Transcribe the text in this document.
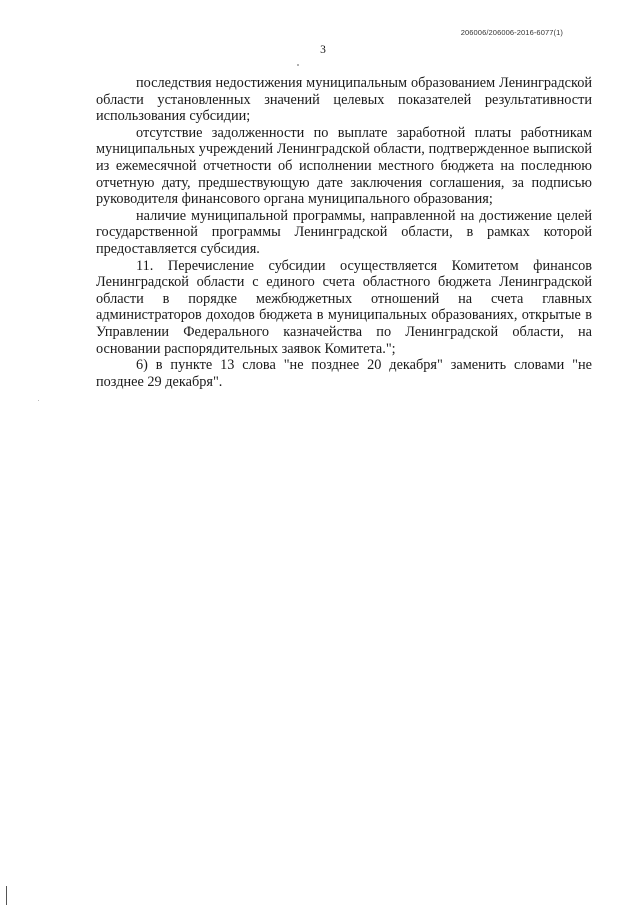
206006/206006-2016-6077(1)
3

последствия недостижения муниципальным образованием Ленинградской области установленных значений целевых показателей результативности использования субсидии;

отсутствие задолженности по выплате заработной платы работникам муниципальных учреждений Ленинградской области, подтвержденное выпиской из ежемесячной отчетности об исполнении местного бюджета на последнюю отчетную дату, предшествующую дате заключения соглашения, за подписью руководителя финансового органа муниципального образования;

наличие муниципальной программы, направленной на достижение целей государственной программы Ленинградской области, в рамках которой предоставляется субсидия.

11. Перечисление субсидии осуществляется Комитетом финансов Ленинградской области с единого счета областного бюджета Ленинградской области в порядке межбюджетных отношений на счета главных администраторов доходов бюджета в муниципальных образованиях, открытые в Управлении Федерального казначейства по Ленинградской области, на основании распорядительных заявок Комитета.";

6) в пункте 13 слова "не позднее 20 декабря" заменить словами "не позднее 29 декабря".
